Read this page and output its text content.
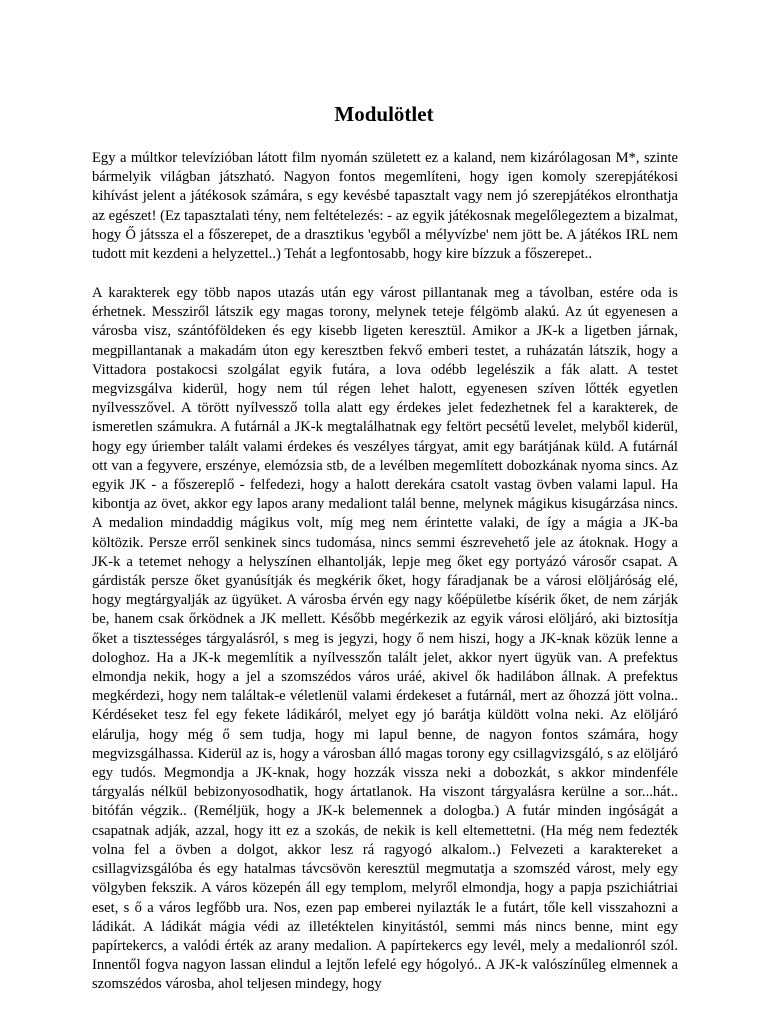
Modulötlet

Egy a múltkor televízióban látott film nyomán született ez a kaland, nem kizárólagosan M*, szinte bármelyik világban játszható. Nagyon fontos megemlíteni, hogy igen komoly szerepjátékosi kihívást jelent a játékosok számára, s egy kevésbé tapasztalt vagy nem jó szerepjátékos elronthatja az egészet! (Ez tapasztalati tény, nem feltételezés: - az egyik játékosnak megelőlegeztem a bizalmat, hogy Ő játssza el a főszerepet, de a drasztikus 'egyből a mélyvízbe' nem jött be. A játékos IRL nem tudott mit kezdeni a helyzettel..) Tehát a legfontosabb, hogy kire bízzuk a főszerepet..

A karakterek egy több napos utazás után egy várost pillantanak meg a távolban, estére oda is érhetnek. Messziről látszik egy magas torony, melynek teteje félgömb alakú. Az út egyenesen a városba visz, szántóföldeken és egy kisebb ligeten keresztül. Amikor a JK-k a ligetben járnak, megpillantanak a makadám úton egy keresztben fekvő emberi testet, a ruházatán látszik, hogy a Vittadora postakocsi szolgálat egyik futára, a lova odébb legelészik a fák alatt. A testet megvizsgálva kiderül, hogy nem túl régen lehet halott, egyenesen szíven lőtték egyetlen nyílvesszővel. A törött nyílvessző tolla alatt egy érdekes jelet fedezhetnek fel a karakterek, de ismeretlen számukra. A futárnál a JK-k megtalálhatnak egy feltört pecsétű levelet, melyből kiderül, hogy egy úriember talált valami érdekes és veszélyes tárgyat, amit egy barátjának küld. A futárnál ott van a fegyvere, erszénye, elemózsia stb, de a levélben megemlített dobozkának nyoma sincs. Az egyik JK - a főszereplő - felfedezi, hogy a halott derekára csatolt vastag övben valami lapul. Ha kibontja az övet, akkor egy lapos arany medaliont talál benne, melynek mágikus kisugárzása nincs. A medalion mindaddig mágikus volt, míg meg nem érintette valaki, de így a mágia a JK-ba költözik. Persze erről senkinek sincs tudomása, nincs semmi észrevehető jele az átoknak. Hogy a JK-k a tetemet nehogy a helyszínen elhantolják, lepje meg őket egy portyázó városőr csapat. A gárdisták persze őket gyanúsítják és megkérik őket, hogy fáradjanak be a városi elöljáróság elé, hogy megtárgyalják az ügyüket. A városba érvén egy nagy kőépületbe kísérik őket, de nem zárják be, hanem csak őrködnek a JK mellett. Később megérkezik az egyik városi elöljáró, aki biztosítja őket a tisztességes tárgyalásról, s meg is jegyzi, hogy ő nem hiszi, hogy a JK-knak közük lenne a dologhoz. Ha a JK-k megemlítik a nyílvesszőn talált jelet, akkor nyert ügyük van. A prefektus elmondja nekik, hogy a jel a szomszédos város uráé, akivel ők hadilábon állnak. A prefektus megkérdezi, hogy nem találtak-e véletlenül valami érdekeset a futárnál, mert az őhozzá jött volna.. Kérdéseket tesz fel egy fekete ládikáról, melyet egy jó barátja küldött volna neki. Az elöljáró elárulja, hogy még ő sem tudja, hogy mi lapul benne, de nagyon fontos számára, hogy megvizsgálhassa. Kiderül az is, hogy a városban álló magas torony egy csillagvizsgáló, s az elöljáró egy tudós. Megmondja a JK-knak, hogy hozzák vissza neki a dobozkát, s akkor mindenféle tárgyalás nélkül bebizonyosodhatik, hogy ártatlanok. Ha viszont tárgyalásra kerülne a sor...hát.. bitófán végzik.. (Reméljük, hogy a JK-k belemennek a dologba.) A futár minden ingóságát a csapatnak adják, azzal, hogy itt ez a szokás, de nekik is kell eltemettetni. (Ha még nem fedezték volna fel a övben a dolgot, akkor lesz rá ragyogó alkalom..) Felvezeti a karaktereket a csillagvizsgálóba és egy hatalmas távcsövön keresztül megmutatja a szomszéd várost, mely egy völgyben fekszik. A város közepén áll egy templom, melyről elmondja, hogy a papja pszichiátriai eset, s ő a város legfőbb ura. Nos, ezen pap emberei nyilazták le a futárt, tőle kell visszahozni a ládikát. A ládikát mágia védi az illetéktelen kinyitástól, semmi más nincs benne, mint egy papírtekercs, a valódi érték az arany medalion. A papírtekercs egy levél, mely a medalionról szól. Innentől fogva nagyon lassan elindul a lejtőn lefelé egy hógolyó.. A JK-k valószínűleg elmennek a szomszédos városba, ahol teljesen mindegy, hogy
